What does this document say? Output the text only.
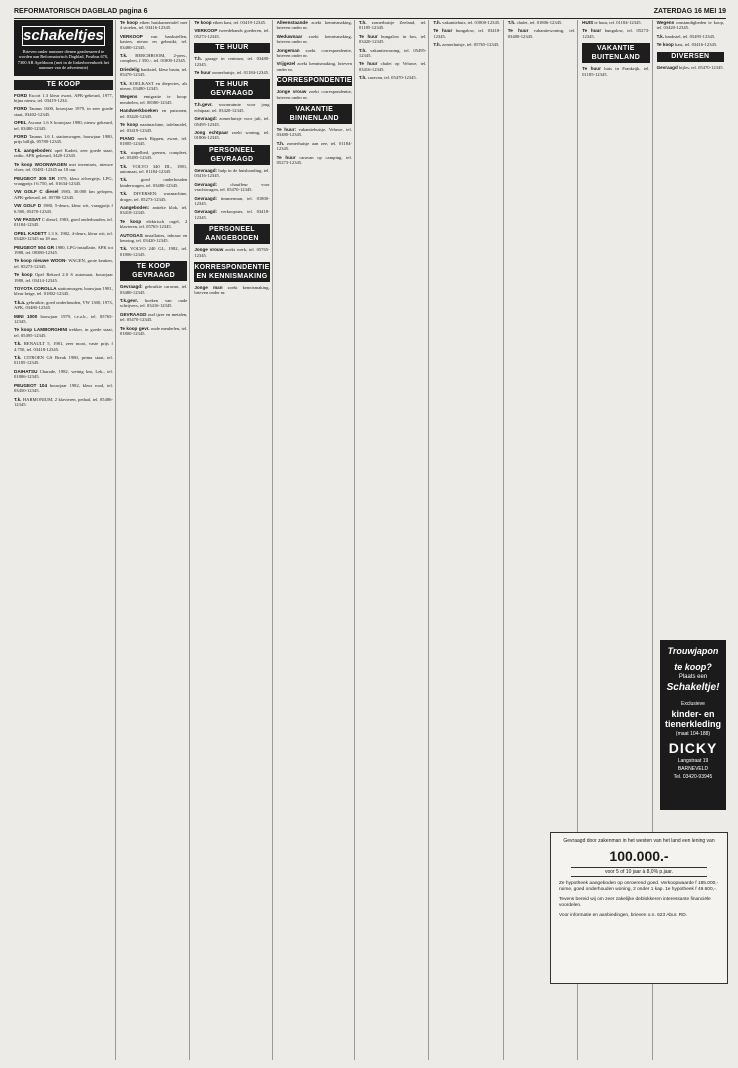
REFORMATORISCH DAGBLAD pagina 6	ZATERDAG 16 MEI 19
schakeltjes
Brieven onder nummer dienen geadresseerd te worden aan Reformatorisch Dagblad, Postbus 670, 7300 AR Apeldoorn (met in de linkerbovenhoek het nummer van de advertentie)
TE KOOP

FORD Escort 1.3 kleur zwart, APK-gekeurd, 1977, bijna nieuw, tel. 03419-1234.

FORD Taunus 1600, bouwjaar 1979, in zeer goede staat, 03402-12345.

OPEL Ascona 1.6 S bouwjaar 1980, nieuw gekeurd, tel. 03480-12345.

FORD Taunus 1.6 L stationwagen, bouwjaar 1980, prijs billijk, 05780-12345.

T.k. aangeboden: opel Kadett, zeer goede staat, radio, APK gekeurd, 3420-12345.

Te koop WOONWAGEN met inventaris, nieuwe vloer, tel. 03481-12345 na 18 uur.

PEUGEOT 305 SR 1979, kleur zilvergrijs, LPG, vraagprijs f 6.750, tel. 01634-12345.

VW GOLF C diesel 1983, 30.000 km gelopen, APK-gekeurd, tel. 05780-12345.

VW GOLF D 1980, 5-deurs, kleur wit, vraagprijs f 6.500, 05470-12345.

VW PASSAT C diesel, 1983, goed onderhouden, tel. 01184-12345.

OPEL KADETT 1.3 S, 1982, 4-deurs, kleur wit, tel. 03420-12345 na 18 uur.

PEUGEOT 504 GR 1980, LPG-installatie, APK tot 1988, tel. 08380-12345.

Te koop nieuwe WOON- WAGEN, grote keuken, tel. 05273-12345.

Te koop Opel Rekord 2.0 S automaat, bouwjaar 1980, tel. 03414-12345.

TOYOTA COROLLA stationwagen, bouwjaar 1981, kleur beige, tel. 01802-12345.

T.k.a. gebruikte, goed onderhouden, VW 1300, 1973, APK, 03480-12345.

MINI 1000 bouwjaar 1979, t.e.a.b., tel. 05765-12345.

Te koop LAMBORGHINI trekker, in goede staat, tel. 05495-12345.

T.k. RENAULT 5, 1981, zeer mooi, vaste prijs f 4.750, tel. 03418-12345.

T.k. CITROEN GS Break 1980, prima staat, tel. 01185-12345.

DAIHATSU Charade, 1982, weinig km, Lek., tel. 01806-12345.

PEUGEOT 104 bouwjaar 1982, kleur rood, tel. 03450-12345.

T.k. HARMONIUM, 2 klavieren, pedaal, tel. 05486-12345.

Te koop eiken huiskamertafel met 4 stoelen, tel. 03416-12345.

VERKOOP van bankstellen, kasten, nieuw en gebruikt, tel. 03480-12345.

T.k. BERCHROOM, 2-pers., compleet, f 350,-, tel. 01800-12345.

Driedelig bankstel, kleur bruin, tel. 05470-12345.

T.k. KOELKAST en diepvries, als nieuw, 03480-12345.

Wegens emigratie te koop: meubelen, tel. 08380-12345.

Handwerkboeken en patronen, tel. 03420-12345.

Te koop naaimachine, tafelmodel, tel. 03419-12345.

PIANO merk Rippen, zwart, tel. 01805-12345.

T.k. stapelbed, grenen, compleet, tel. 05495-12345.

T.k. VOLVO 340 DL, 1981, automaat, tel. 01184-12345.

T.k.	goed onderhouden kinderwagen, tel. 03480-12345.

T.k. DIVERSEN: wasmachine, droger, tel. 05273-12345.

Aangeboden: antieke klok, tel. 03418-12345.

Te koop elektrisch orgel, 2 klavieren, tel. 05765-12345.

AUTOGAS installaties, inbouw en keuring, tel. 03420-12345.

T.k. VOLVO 240 GL, 1982, tel. 01806-12345.

TE KOOP GEVRAAGD

Gevraagd: gebruikte caravan, tel. 03480-12345.

T.k.gevr. boeken van oude schrijvers, tel. 03416-12345.

GEVRAAGD oud ijzer en metalen, tel. 05470-12345.

Te koop gevr. oude meubelen, tel. 01800-12345.

Te koop eiken kast, tel. 03419-12345.

VERKOOP tweedehands goederen, tel. 05273-12345.

TE HUUR

T.h. garage in centrum, tel. 03480-12345.

Te huur zomerhuisje, tel. 01184-12345.

TE HUUR GEVRAAGD

T.h.gevr. woonruimte voor jong echtpaar, tel. 03420-12345.

Gevraagd: zomerhuisje voor juli, tel. 05495-12345.

Jong echtpaar zoekt woning, tel. 01806-12345.

PERSONEEL GEVRAAGD

Gevraagd: hulp in de huishouding, tel. 03416-12345.

Gevraagd:	chauffeur voor vrachtwagen, tel. 05470-12345.

Gevraagd: timmerman, tel. 01800-12345.

Gevraagd: verkoopster, tel. 03418-12345.

PERSONEEL AANGEBODEN

Jonge vrouw zoekt werk, tel. 05765-12345.

KORRESPONDENTIE EN KENNISMAKING

Jonge man zoekt kennismaking, brieven onder nr.

Alleenstaande zoekt kennismaking, brieven onder nr.

Weduwnaar zoekt kennismaking, brieven onder nr.

Jongeman zoekt correspondentie, brieven onder nr.

Vrijgezel zoekt kennismaking, brieven onder nr.

CORRESPONDENTIE

Jonge vrouw zoekt correspondentie, brieven onder nr.

VAKANTIE BINNENLAND

Te huur: vakantiehuisje, Veluwe, tel. 03480-12345.

T.h. zomerhuisje aan zee, tel. 01184-12345.

Te huur caravan op camping, tel. 05273-12345.

T.h. zomerhuisje Zeeland, tel. 01185-12345.

Te huur bungalow in bos, tel. 03420-12345.

T.h. vakantiewoning, tel. 05495-12345.

Te huur chalet op Veluwe, tel. 03416-12345.

T.h. caravan, tel. 05470-12345.

T.h. vakantiehuis, tel. 01800-12345.

Te huur bungalow, tel. 03418-12345.

T.h. zomerhuisje, tel. 05765-12345.

T.h. chalet, tel. 01806-12345.

Te huur vakantiewoning, tel. 03480-12345.

HUIS te huur, tel. 01184-12345.

Te huur bungalow, tel. 05273-12345.

VAKANTIE BUITENLAND

Te huur huis in Frankrijk, tel. 01185-12345.

Wegens omstandigheden te koop, tel. 03420-12345.

T.k. bankstel, tel. 05495-12345.

Te koop kast, tel. 03416-12345.

DIVERSEN

Gevraagd bijles, tel. 05470-12345.

Trouwjapon
te koop?
Plaats een
Schakeltje!
Exclusieve
kinder- en tienerkleding
(maat 104-188)
DICKY
Langstraat 19
BARNEVELD
Tel. 03420-93945
Gevraagd door zakenman in het westen van het land een lening van
100.000.-
voor 5 of 10 jaar à 8,0% p.jaar.
Ze hypotheek aangeboden op onroerend goed. Verkoopwaarde f 185.000,- ruime, goed onderhouden woning, 2 onder 1 kap. 1e hypotheek f 49.600,-.
Tevens bereid wij om zeer zakelijke deblokkeren interessante financiële voordelen.
Voor informatie en aanbiedingen, brieven o.n. 623 Abur. RD.
